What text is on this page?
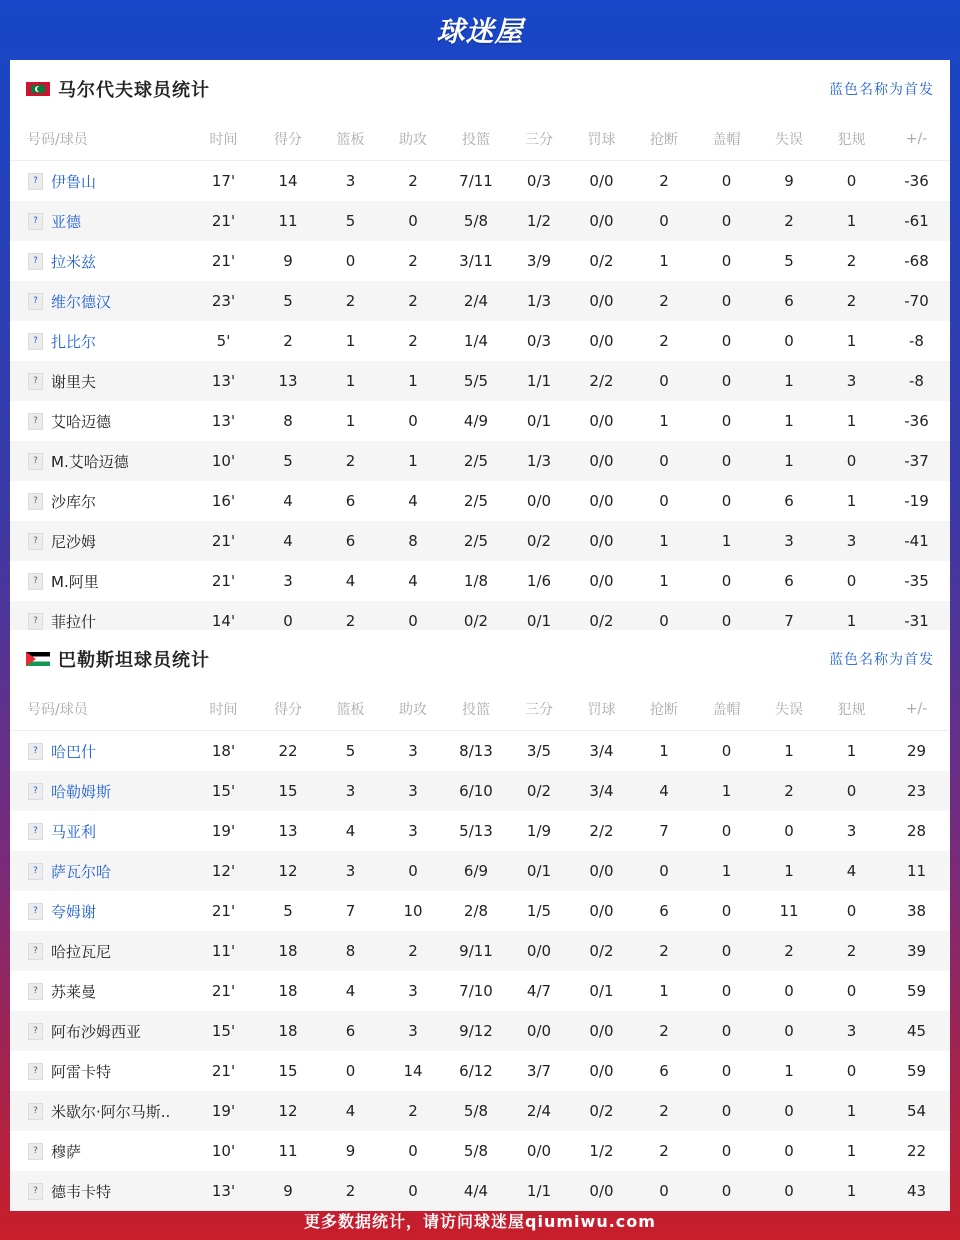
球迷屋
马尔代夫球员统计	蓝色名称为首发
号码/球员	时间	得分	篮板	助攻	投篮	三分	罚球	抢断	盖帽	失误	犯规	+/-
? 伊鲁山	17'	14	3	2	7/11	0/3	0/0	2	0	9	0	-36
? 亚德	21'	11	5	0	5/8	1/2	0/0	0	0	2	1	-61
? 拉米兹	21'	9	0	2	3/11	3/9	0/2	1	0	5	2	-68
? 维尔德汉	23'	5	2	2	2/4	1/3	0/0	2	0	6	2	-70
? 扎比尔	5'	2	1	2	1/4	0/3	0/0	2	0	0	1	-8
? 谢里夫	13'	13	1	1	5/5	1/1	2/2	0	0	1	3	-8
? 艾哈迈德	13'	8	1	0	4/9	0/1	0/0	1	0	1	1	-36
? M.艾哈迈德	10'	5	2	1	2/5	1/3	0/0	0	0	1	0	-37
? 沙库尔	16'	4	6	4	2/5	0/0	0/0	0	0	6	1	-19
? 尼沙姆	21'	4	6	8	2/5	0/2	0/0	1	1	3	3	-41
? M.阿里	21'	3	4	4	1/8	1/6	0/0	1	0	6	0	-35
? 菲拉什	14'	0	2	0	0/2	0/1	0/2	0	0	7	1	-31
巴勒斯坦球员统计	蓝色名称为首发
号码/球员	时间	得分	篮板	助攻	投篮	三分	罚球	抢断	盖帽	失误	犯规	+/-
? 哈巴什	18'	22	5	3	8/13	3/5	3/4	1	0	1	1	29
? 哈勒姆斯	15'	15	3	3	6/10	0/2	3/4	4	1	2	0	23
? 马亚利	19'	13	4	3	5/13	1/9	2/2	7	0	0	3	28
? 萨瓦尔哈	12'	12	3	0	6/9	0/1	0/0	0	1	1	4	11
? 夸姆谢	21'	5	7	10	2/8	1/5	0/0	6	0	11	0	38
? 哈拉瓦尼	11'	18	8	2	9/11	0/0	0/2	2	0	2	2	39
? 苏莱曼	21'	18	4	3	7/10	4/7	0/1	1	0	0	0	59
? 阿布沙姆西亚	15'	18	6	3	9/12	0/0	0/0	2	0	0	3	45
? 阿雷卡特	21'	15	0	14	6/12	3/7	0/0	6	0	1	0	59
? 米歇尔·阿尔马斯..	19'	12	4	2	5/8	2/4	0/2	2	0	0	1	54
? 穆萨	10'	11	9	0	5/8	0/0	1/2	2	0	0	1	22
? 德韦卡特	13'	9	2	0	4/4	1/1	0/0	0	0	0	1	43
更多数据统计，请访问球迷屋qiumiwu.com
